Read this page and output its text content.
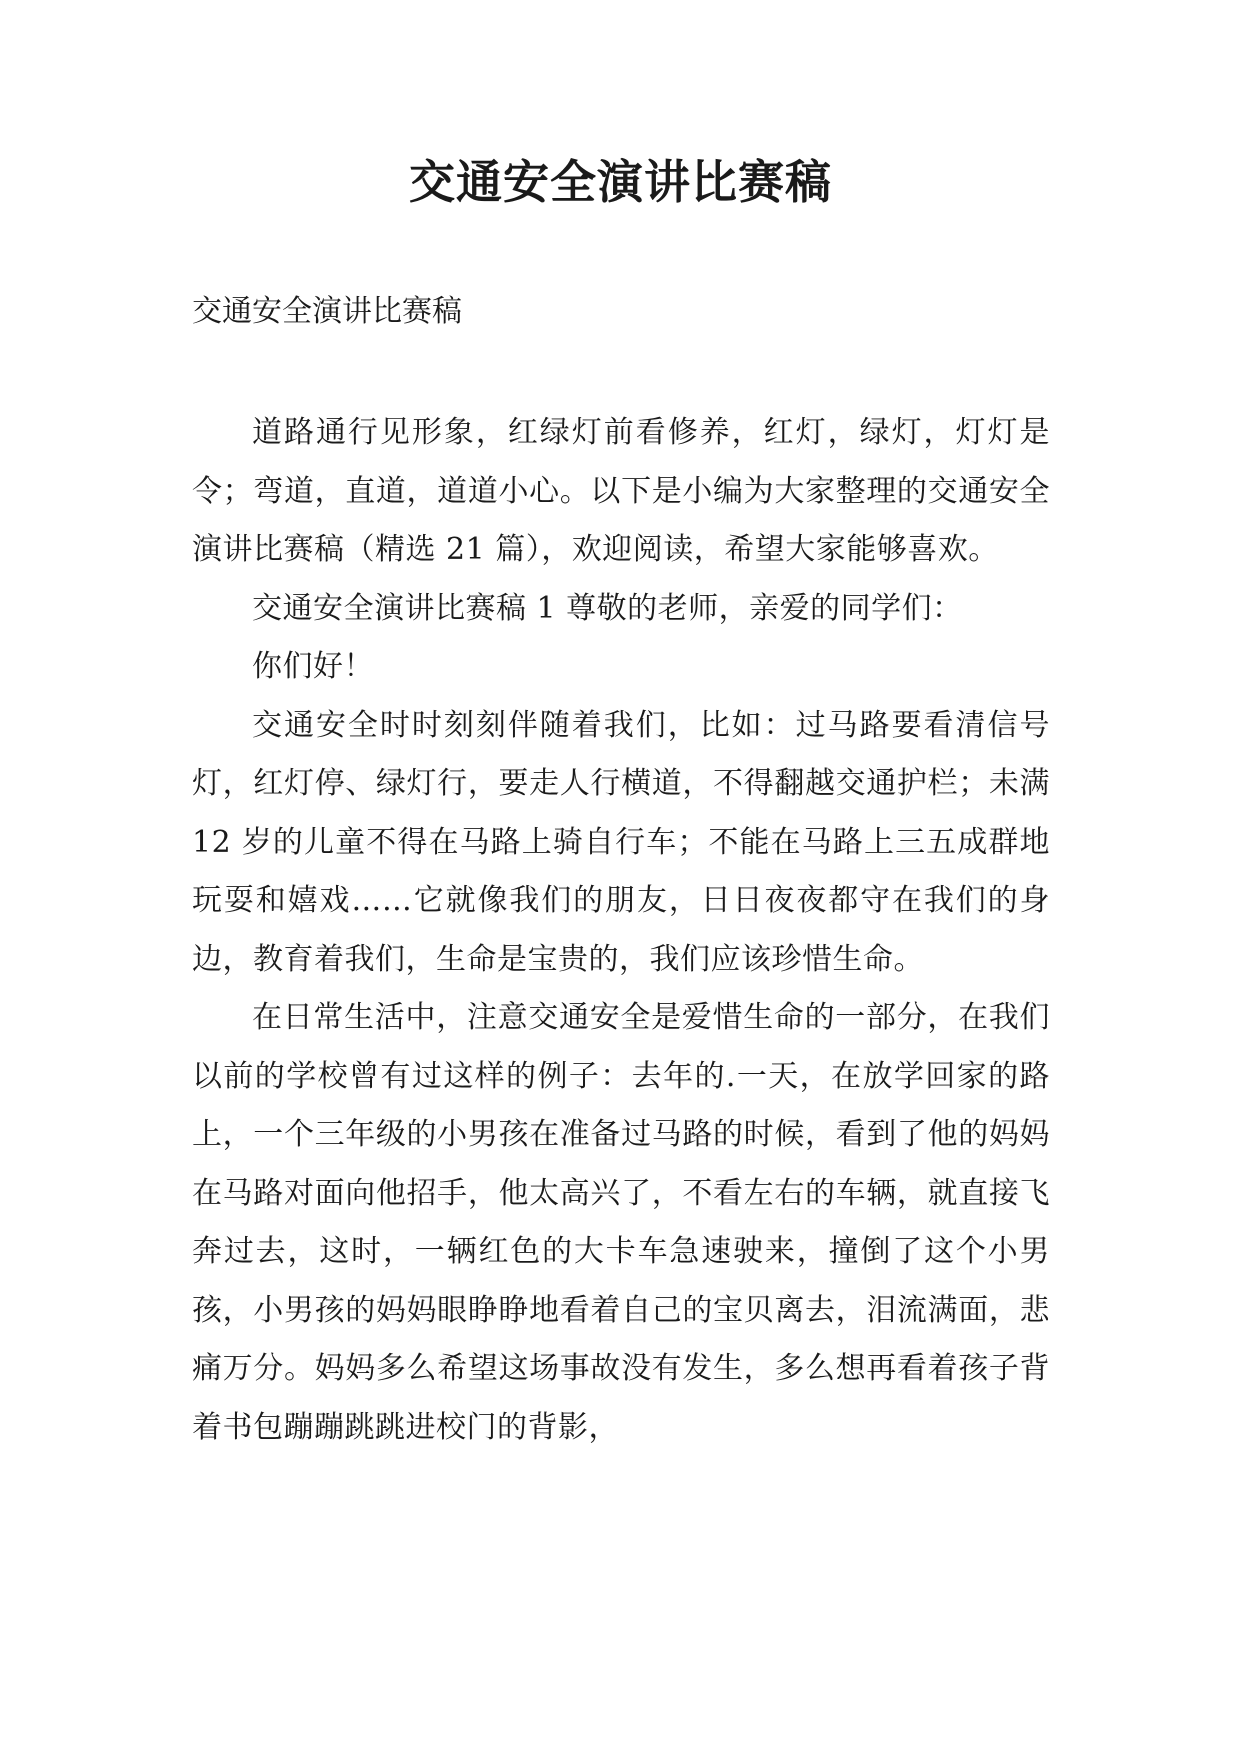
交通安全演讲比赛稿
交通安全演讲比赛稿

道路通行见形象，红绿灯前看修养，红灯，绿灯，灯灯是令；弯道，直道，道道小心。以下是小编为大家整理的交通安全演讲比赛稿（精选 21 篇），欢迎阅读，希望大家能够喜欢。

交通安全演讲比赛稿 1 尊敬的老师，亲爱的同学们：

你们好！

交通安全时时刻刻伴随着我们，比如：过马路要看清信号灯，红灯停、绿灯行，要走人行横道，不得翻越交通护栏；未满 12 岁的儿童不得在马路上骑自行车；不能在马路上三五成群地玩耍和嬉戏……它就像我们的朋友，日日夜夜都守在我们的身边，教育着我们，生命是宝贵的，我们应该珍惜生命。

在日常生活中，注意交通安全是爱惜生命的一部分，在我们以前的学校曾有过这样的例子：去年的.一天，在放学回家的路上，一个三年级的小男孩在准备过马路的时候，看到了他的妈妈在马路对面向他招手，他太高兴了，不看左右的车辆，就直接飞奔过去，这时，一辆红色的大卡车急速驶来，撞倒了这个小男孩，小男孩的妈妈眼睁睁地看着自己的宝贝离去，泪流满面，悲痛万分。妈妈多么希望这场事故没有发生，多么想再看着孩子背着书包蹦蹦跳跳进校门的背影，
